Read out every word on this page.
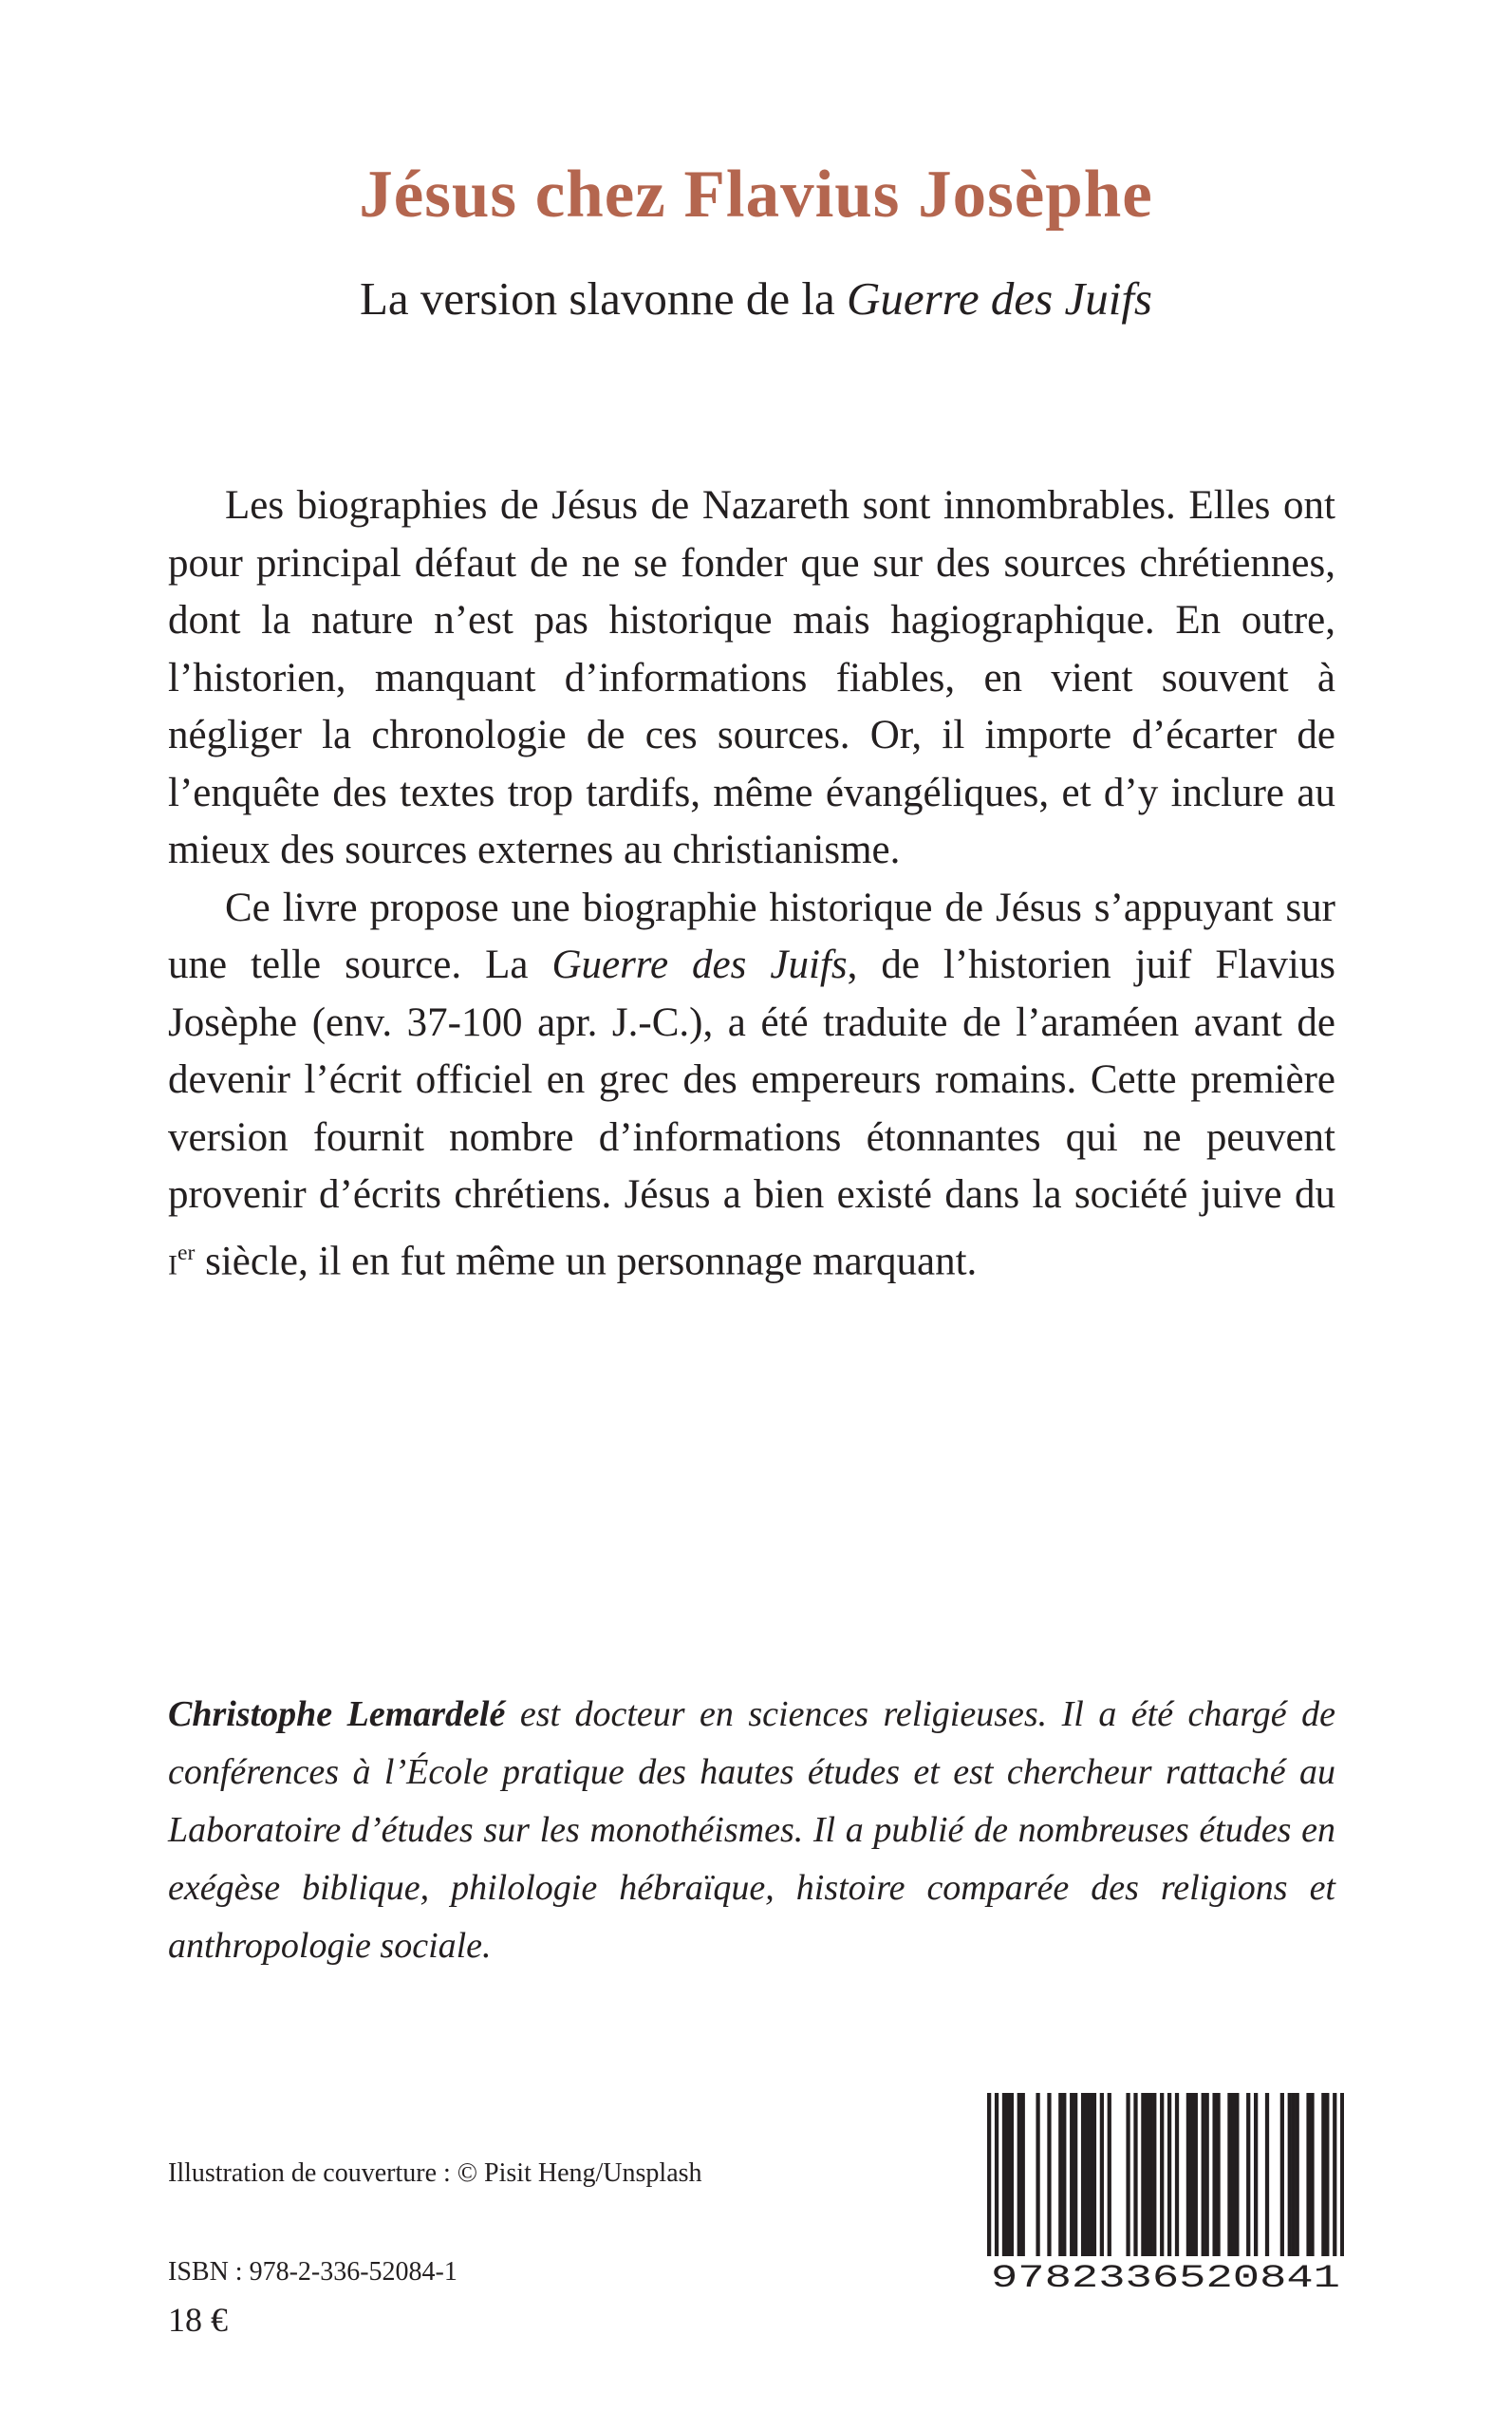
Jésus chez Flavius Josèphe

La version slavonne de la Guerre des Juifs

Les biographies de Jésus de Nazareth sont innombrables. Elles ont pour principal défaut de ne se fonder que sur des sources chrétiennes, dont la nature n’est pas historique mais hagiographique. En outre, l’historien, manquant d’informations fiables, en vient souvent à négliger la chronologie de ces sources. Or, il importe d’écarter de l’enquête des textes trop tardifs, même évangéliques, et d’y inclure au mieux des sources externes au christianisme.

Ce livre propose une biographie historique de Jésus s’appuyant sur une telle source. La Guerre des Juifs, de l’historien juif Flavius Josèphe (env. 37-100 apr. J.-C.), a été traduite de l’araméen avant de devenir l’écrit officiel en grec des empereurs romains. Cette première version fournit nombre d’informations étonnantes qui ne peuvent provenir d’écrits chrétiens. Jésus a bien existé dans la société juive du $i^{er}$ siècle, il en fut même un personnage marquant.

Christophe Lemardelé est docteur en sciences religieuses. Il a été chargé de conférences à l’École pratique des hautes études et est chercheur rattaché au Laboratoire d’études sur les monothéismes. Il a publié de nombreuses études en exégèse biblique, philologie hébraïque, histoire comparée des religions et anthropologie sociale.

Illustration de couverture : © Pisit Heng/Unsplash

ISBN : 978-2-336-52084-1

18 €

9782336520841
